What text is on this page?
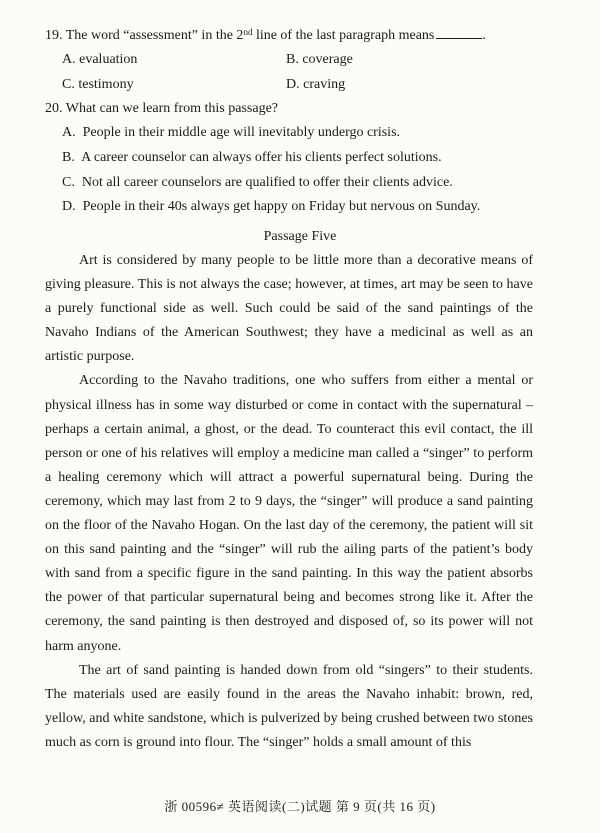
19. The word “assessment” in the 2nd line of the last paragraph means	.
A. evaluation	B. coverage
C. testimony	D. craving
20. What can we learn from this passage?
A. People in their middle age will inevitably undergo crisis.
B. A career counselor can always offer his clients perfect solutions.
C. Not all career counselors are qualified to offer their clients advice.
D. People in their 40s always get happy on Friday but nervous on Sunday.
Passage Five

Art is considered by many people to be little more than a decorative means of giving pleasure. This is not always the case; however, at times, art may be seen to have a purely functional side as well. Such could be said of the sand paintings of the Navaho Indians of the American Southwest; they have a medicinal as well as an artistic purpose.

According to the Navaho traditions, one who suffers from either a mental or physical illness has in some way disturbed or come in contact with the supernatural – perhaps a certain animal, a ghost, or the dead. To counteract this evil contact, the ill person or one of his relatives will employ a medicine man called a “singer” to perform a healing ceremony which will attract a powerful supernatural being. During the ceremony, which may last from 2 to 9 days, the “singer” will produce a sand painting on the floor of the Navaho Hogan. On the last day of the ceremony, the patient will sit on this sand painting and the “singer” will rub the ailing parts of the patient’s body with sand from a specific figure in the sand painting. In this way the patient absorbs the power of that particular supernatural being and becomes strong like it. After the ceremony, the sand painting is then destroyed and disposed of, so its power will not harm anyone.

The art of sand painting is handed down from old “singers” to their students. The materials used are easily found in the areas the Navaho inhabit: brown, red, yellow, and white sandstone, which is pulverized by being crushed between two stones much as corn is ground into flour. The “singer” holds a small amount of this

浙 00596≠ 英语阅读(二)试题 第 9 页(共 16 页)
